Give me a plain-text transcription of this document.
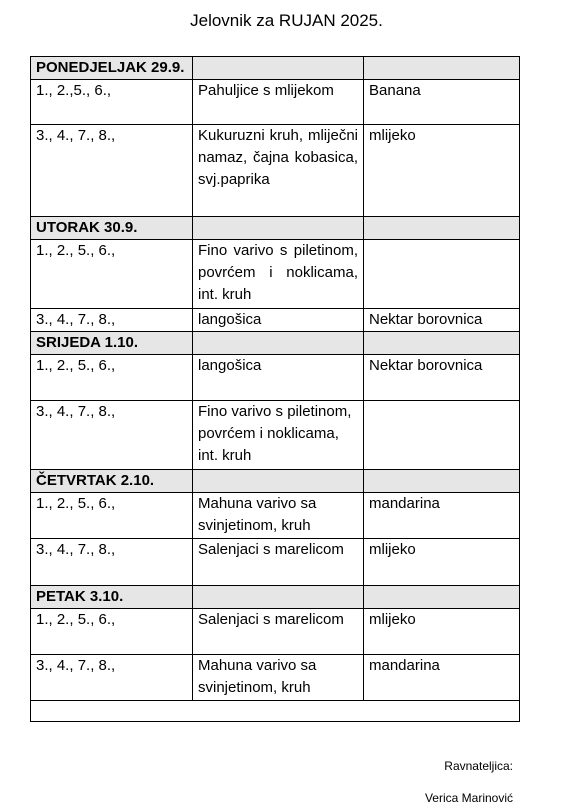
Jelovnik za RUJAN 2025.
PONEDJELJAK 29.9.		
1., 2.,5., 6.,	Pahuljice s mlijekom	Banana
3., 4., 7., 8.,	Kukuruzni kruh, mliječni namaz, čajna kobasica, svj.paprika	mlijeko
UTORAK 30.9.		
1., 2., 5., 6.,	Fino varivo s piletinom, povrćem i noklicama, int. kruh	
3., 4., 7., 8.,	langošica	Nektar borovnica
SRIJEDA 1.10.		
1., 2., 5., 6.,	langošica	Nektar borovnica
3., 4., 7., 8.,	Fino varivo s piletinom, povrćem i noklicama, int. kruh	
ČETVRTAK 2.10.		
1., 2., 5., 6.,	Mahuna varivo sa svinjetinom, kruh	mandarina
3., 4., 7., 8.,	Salenjaci s marelicom	mlijeko
PETAK 3.10.		
1., 2., 5., 6.,	Salenjaci s marelicom	mlijeko
3., 4., 7., 8.,	Mahuna varivo sa svinjetinom, kruh	mandarina

Ravnateljica:
Verica Marinović
